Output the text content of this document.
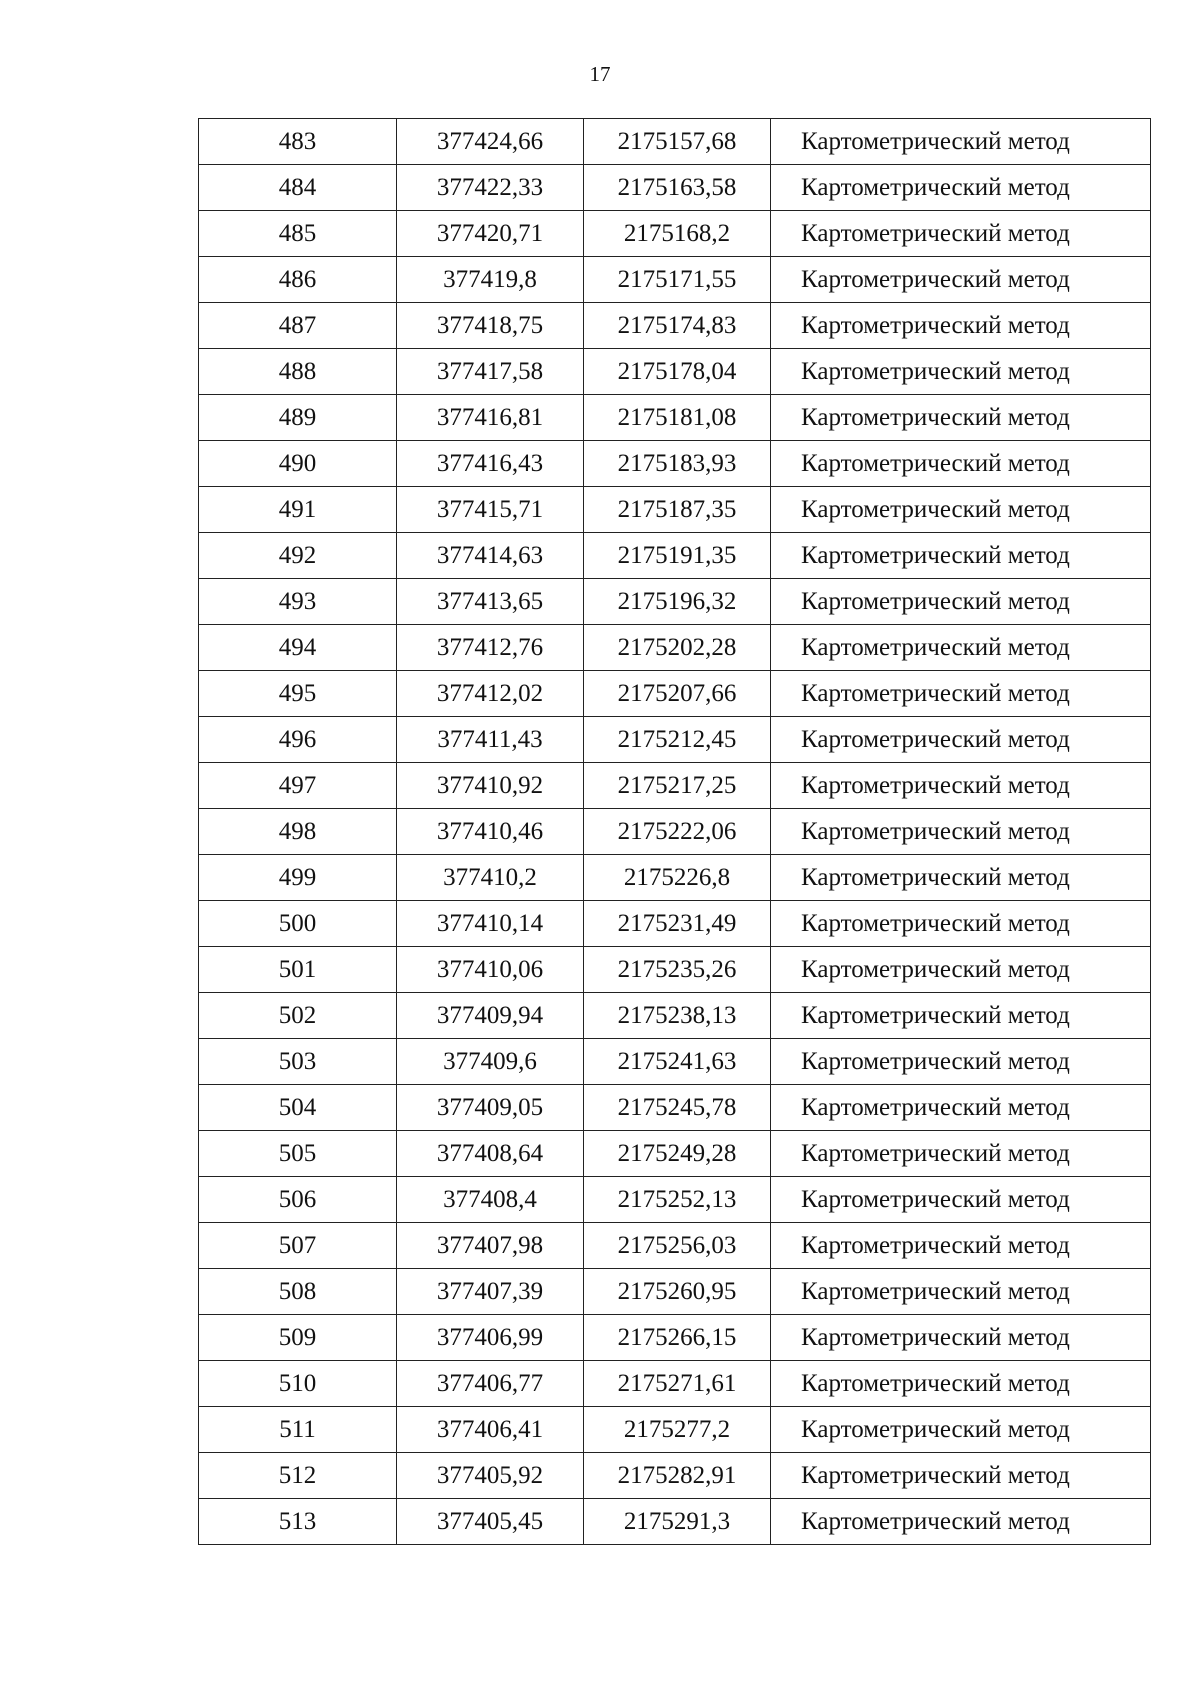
17
483	377424,66	2175157,68	Картометрический метод
484	377422,33	2175163,58	Картометрический метод
485	377420,71	2175168,2	Картометрический метод
486	377419,8	2175171,55	Картометрический метод
487	377418,75	2175174,83	Картометрический метод
488	377417,58	2175178,04	Картометрический метод
489	377416,81	2175181,08	Картометрический метод
490	377416,43	2175183,93	Картометрический метод
491	377415,71	2175187,35	Картометрический метод
492	377414,63	2175191,35	Картометрический метод
493	377413,65	2175196,32	Картометрический метод
494	377412,76	2175202,28	Картометрический метод
495	377412,02	2175207,66	Картометрический метод
496	377411,43	2175212,45	Картометрический метод
497	377410,92	2175217,25	Картометрический метод
498	377410,46	2175222,06	Картометрический метод
499	377410,2	2175226,8	Картометрический метод
500	377410,14	2175231,49	Картометрический метод
501	377410,06	2175235,26	Картометрический метод
502	377409,94	2175238,13	Картометрический метод
503	377409,6	2175241,63	Картометрический метод
504	377409,05	2175245,78	Картометрический метод
505	377408,64	2175249,28	Картометрический метод
506	377408,4	2175252,13	Картометрический метод
507	377407,98	2175256,03	Картометрический метод
508	377407,39	2175260,95	Картометрический метод
509	377406,99	2175266,15	Картометрический метод
510	377406,77	2175271,61	Картометрический метод
511	377406,41	2175277,2	Картометрический метод
512	377405,92	2175282,91	Картометрический метод
513	377405,45	2175291,3	Картометрический метод
